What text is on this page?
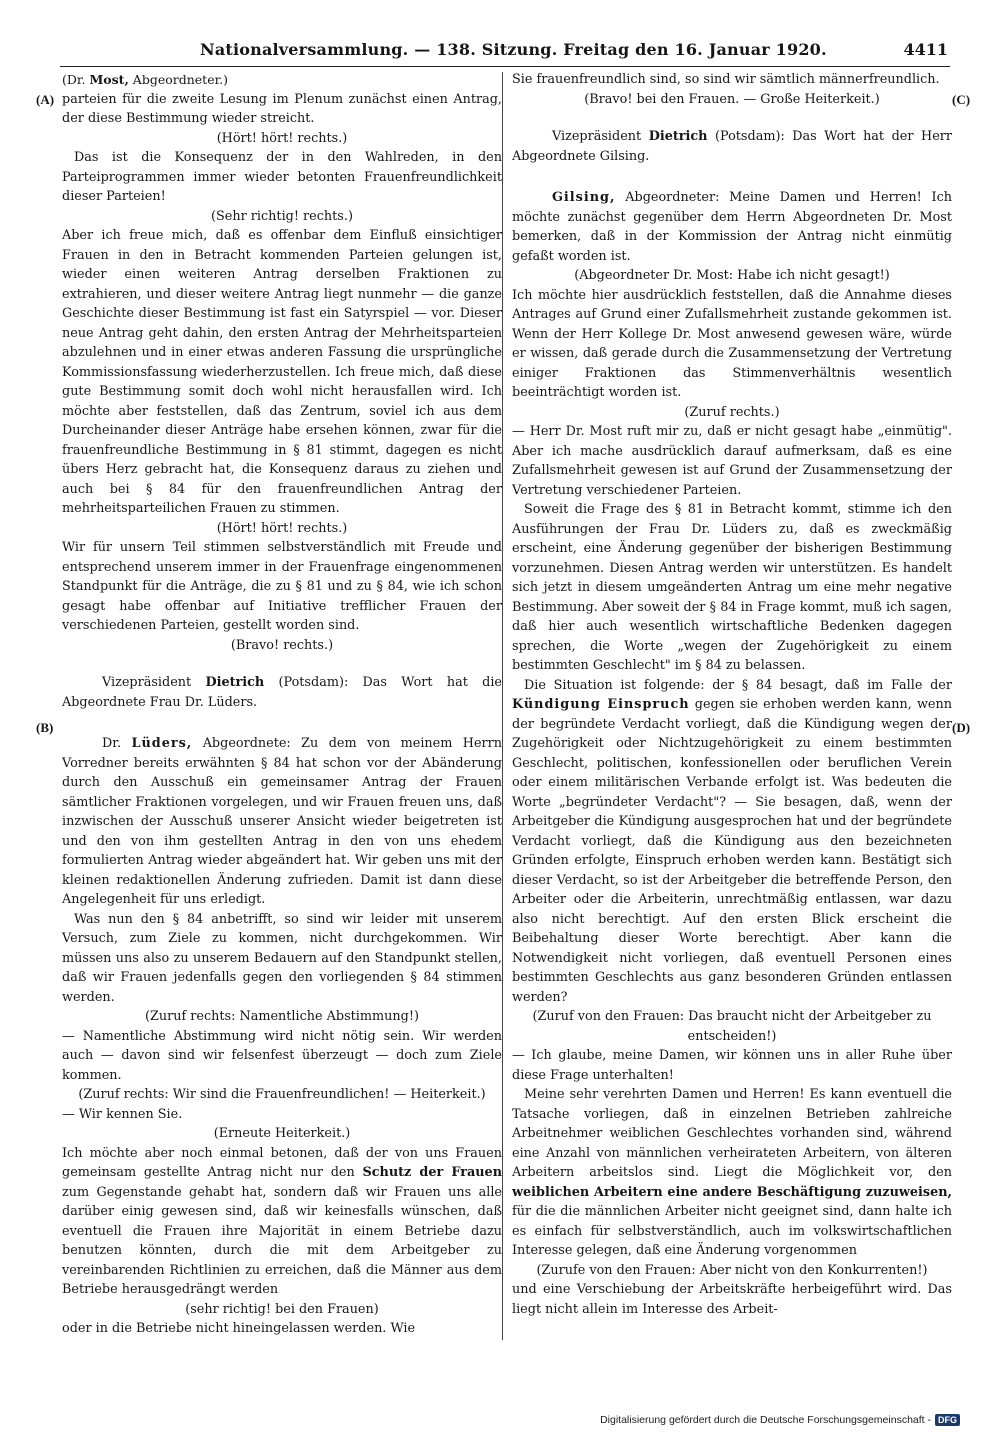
Nationalversammlung. — 138. Sitzung. Freitag den 16. Januar 1920.	4411
(A)
(B)
(C)
(D)

(Dr. Most, Abgeordneter.)

parteien für die zweite Lesung im Plenum zunächst einen Antrag, der diese Bestimmung wieder streicht.

(Hört! hört! rechts.)

Das ist die Konsequenz der in den Wahlreden, in den Parteiprogrammen immer wieder betonten Frauenfreundlichkeit dieser Parteien!

(Sehr richtig! rechts.)

Aber ich freue mich, daß es offenbar dem Einfluß einsichtiger Frauen in den in Betracht kommenden Parteien gelungen ist, wieder einen weiteren Antrag derselben Fraktionen zu extrahieren, und dieser weitere Antrag liegt nunmehr — die ganze Geschichte dieser Bestimmung ist fast ein Satyrspiel — vor. Dieser neue Antrag geht dahin, den ersten Antrag der Mehrheitsparteien abzulehnen und in einer etwas anderen Fassung die ursprüngliche Kommissionsfassung wiederherzustellen. Ich freue mich, daß diese gute Bestimmung somit doch wohl nicht herausfallen wird. Ich möchte aber feststellen, daß das Zentrum, soviel ich aus dem Durcheinander dieser Anträge habe ersehen können, zwar für die frauenfreundliche Bestimmung in § 81 stimmt, dagegen es nicht übers Herz gebracht hat, die Konsequenz daraus zu ziehen und auch bei § 84 für den frauenfreundlichen Antrag der mehrheitsparteilichen Frauen zu stimmen.

(Hört! hört! rechts.)

Wir für unsern Teil stimmen selbstverständlich mit Freude und entsprechend unserem immer in der Frauenfrage eingenommenen Standpunkt für die Anträge, die zu § 81 und zu § 84, wie ich schon gesagt habe offenbar auf Initiative trefflicher Frauen der verschiedenen Parteien, gestellt worden sind.

(Bravo! rechts.)

Vizepräsident Dietrich (Potsdam): Das Wort hat die Abgeordnete Frau Dr. Lüders.

Dr. Lüders, Abgeordnete: Zu dem von meinem Herrn Vorredner bereits erwähnten § 84 hat schon vor der Abänderung durch den Ausschuß ein gemeinsamer Antrag der Frauen sämtlicher Fraktionen vorgelegen, und wir Frauen freuen uns, daß inzwischen der Ausschuß unserer Ansicht wieder beigetreten ist und den von ihm gestellten Antrag in den von uns ehedem formulierten Antrag wieder abgeändert hat. Wir geben uns mit der kleinen redaktionellen Änderung zufrieden. Damit ist dann diese Angelegenheit für uns erledigt.

Was nun den § 84 anbetrifft, so sind wir leider mit unserem Versuch, zum Ziele zu kommen, nicht durchgekommen. Wir müssen uns also zu unserem Bedauern auf den Standpunkt stellen, daß wir Frauen jedenfalls gegen den vorliegenden § 84 stimmen werden.

(Zuruf rechts: Namentliche Abstimmung!)

— Namentliche Abstimmung wird nicht nötig sein. Wir werden auch — davon sind wir felsenfest überzeugt — doch zum Ziele kommen.

(Zuruf rechts: Wir sind die Frauenfreundlichen! — Heiterkeit.)

— Wir kennen Sie.

(Erneute Heiterkeit.)

Ich möchte aber noch einmal betonen, daß der von uns Frauen gemeinsam gestellte Antrag nicht nur den Schutz der Frauen zum Gegenstande gehabt hat, sondern daß wir Frauen uns alle darüber einig gewesen sind, daß wir keinesfalls wünschen, daß eventuell die Frauen ihre Majorität in einem Betriebe dazu benutzen könnten, durch die mit dem Arbeitgeber zu vereinbarenden Richtlinien zu erreichen, daß die Männer aus dem Betriebe herausgedrängt werden

(sehr richtig! bei den Frauen)

oder in die Betriebe nicht hineingelassen werden. Wie

Sie frauenfreundlich sind, so sind wir sämtlich männerfreundlich.

(Bravo! bei den Frauen. — Große Heiterkeit.)

Vizepräsident Dietrich (Potsdam): Das Wort hat der Herr Abgeordnete Gilsing.

Gilsing, Abgeordneter: Meine Damen und Herren! Ich möchte zunächst gegenüber dem Herrn Abgeordneten Dr. Most bemerken, daß in der Kommission der Antrag nicht einmütig gefaßt worden ist.

(Abgeordneter Dr. Most: Habe ich nicht gesagt!)

Ich möchte hier ausdrücklich feststellen, daß die Annahme dieses Antrages auf Grund einer Zufallsmehrheit zustande gekommen ist. Wenn der Herr Kollege Dr. Most anwesend gewesen wäre, würde er wissen, daß gerade durch die Zusammensetzung der Vertretung einiger Fraktionen das Stimmenverhältnis wesentlich beeinträchtigt worden ist.

(Zuruf rechts.)

— Herr Dr. Most ruft mir zu, daß er nicht gesagt habe „einmütig". Aber ich mache ausdrücklich darauf aufmerksam, daß es eine Zufallsmehrheit gewesen ist auf Grund der Zusammensetzung der Vertretung verschiedener Parteien.

Soweit die Frage des § 81 in Betracht kommt, stimme ich den Ausführungen der Frau Dr. Lüders zu, daß es zweckmäßig erscheint, eine Änderung gegenüber der bisherigen Bestimmung vorzunehmen. Diesen Antrag werden wir unterstützen. Es handelt sich jetzt in diesem umgeänderten Antrag um eine mehr negative Bestimmung. Aber soweit der § 84 in Frage kommt, muß ich sagen, daß hier auch wesentlich wirtschaftliche Bedenken dagegen sprechen, die Worte „wegen der Zugehörigkeit zu einem bestimmten Geschlecht" im § 84 zu belassen.

Die Situation ist folgende: der § 84 besagt, daß im Falle der Kündigung Einspruch gegen sie erhoben werden kann, wenn der begründete Verdacht vorliegt, daß die Kündigung wegen der Zugehörigkeit oder Nichtzugehörigkeit zu einem bestimmten Geschlecht, politischen, konfessionellen oder beruflichen Verein oder einem militärischen Verbande erfolgt ist. Was bedeuten die Worte „begründeter Verdacht"? — Sie besagen, daß, wenn der Arbeitgeber die Kündigung ausgesprochen hat und der begründete Verdacht vorliegt, daß die Kündigung aus den bezeichneten Gründen erfolgte, Einspruch erhoben werden kann. Bestätigt sich dieser Verdacht, so ist der Arbeitgeber die betreffende Person, den Arbeiter oder die Arbeiterin, unrechtmäßig entlassen, war dazu also nicht berechtigt. Auf den ersten Blick erscheint die Beibehaltung dieser Worte berechtigt. Aber kann die Notwendigkeit nicht vorliegen, daß eventuell Personen eines bestimmten Geschlechts aus ganz besonderen Gründen entlassen werden?

(Zuruf von den Frauen: Das braucht nicht der Arbeitgeber zu entscheiden!)

— Ich glaube, meine Damen, wir können uns in aller Ruhe über diese Frage unterhalten!

Meine sehr verehrten Damen und Herren! Es kann eventuell die Tatsache vorliegen, daß in einzelnen Betrieben zahlreiche Arbeitnehmer weiblichen Geschlechtes vorhanden sind, während eine Anzahl von männlichen verheirateten Arbeitern, von älteren Arbeitern arbeitslos sind. Liegt die Möglichkeit vor, den weiblichen Arbeitern eine andere Beschäftigung zuzuweisen, für die die männlichen Arbeiter nicht geeignet sind, dann halte ich es einfach für selbstverständlich, auch im volkswirtschaftlichen Interesse gelegen, daß eine Änderung vorgenommen

(Zurufe von den Frauen: Aber nicht von den Konkurrenten!)

und eine Verschiebung der Arbeitskräfte herbeigeführt wird. Das liegt nicht allein im Interesse des Arbeit-

Digitalisierung gefördert durch die Deutsche Forschungsgemeinschaft - DFG
